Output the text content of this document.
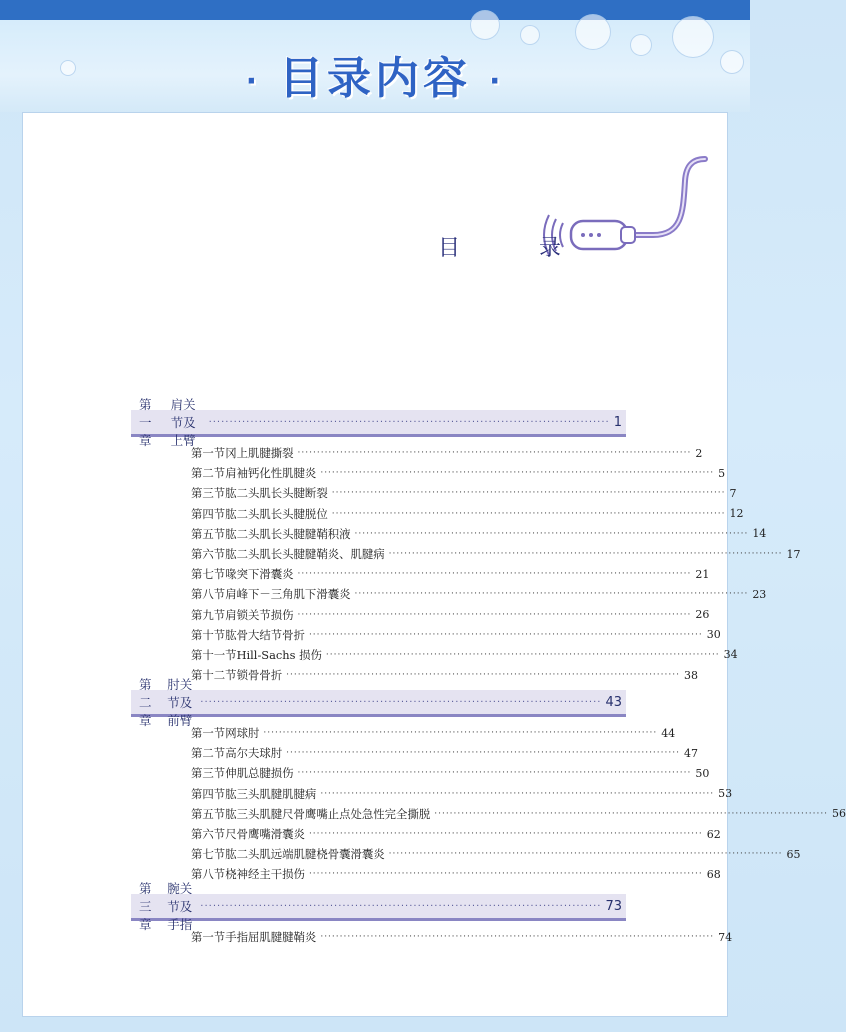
· 目录内容 ·
目 录
第一章
肩关节及上臂
································································································ 1
第一节 冈上肌腱撕裂 ······································································································ 2
第二节 肩袖钙化性肌腱炎 ······································································································ 5
第三节 肱二头肌长头腱断裂 ······································································································ 7
第四节 肱二头肌长头腱脱位 ······································································································ 12
第五节 肱二头肌长头腱腱鞘积液 ······································································································ 14
第六节 肱二头肌长头腱腱鞘炎、肌腱病 ······································································································ 17
第七节 喙突下滑囊炎 ······································································································ 21
第八节 肩峰下－三角肌下滑囊炎 ······································································································ 23
第九节 肩锁关节损伤 ······································································································ 26
第十节 肱骨大结节骨折 ······································································································ 30
第十一节 Hill-Sachs 损伤 ······································································································ 34
第十二节 锁骨骨折 ······································································································ 38
第二章
肘关节及前臂
································································································ 43
第一节 网球肘 ······································································································ 44
第二节 高尔夫球肘 ······································································································ 47
第三节 伸肌总腱损伤 ······································································································ 50
第四节 肱三头肌腱肌腱病 ······································································································ 53
第五节 肱三头肌腱尺骨鹰嘴止点处急性完全撕脱 ······································································································ 56
第六节 尺骨鹰嘴滑囊炎 ······································································································ 62
第七节 肱二头肌远端肌腱桡骨囊滑囊炎 ······································································································ 65
第八节 桡神经主干损伤 ······································································································ 68
第三章
腕关节及手指
································································································ 73
第一节 手指屈肌腱腱鞘炎 ······································································································ 74
